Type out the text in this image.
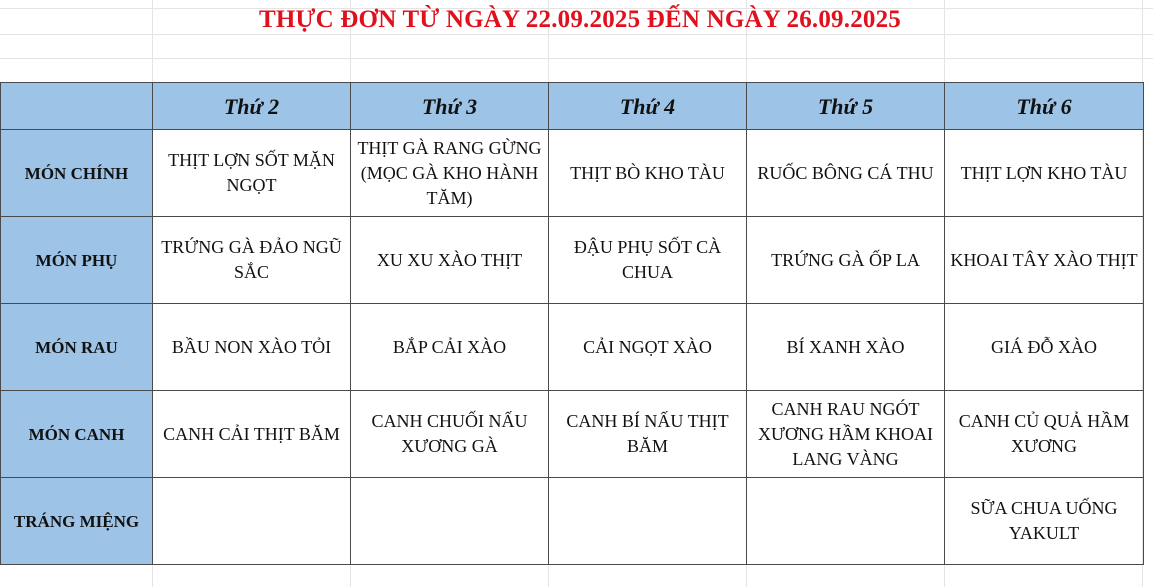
THỰC ĐƠN TỪ NGÀY 22.09.2025 ĐẾN NGÀY 26.09.2025
	Thứ 2	Thứ 3	Thứ 4	Thứ 5	Thứ 6
MÓN CHÍNH	THỊT LỢN SỐT MẶN NGỌT	THỊT GÀ RANG GỪNG (MỌC GÀ KHO HÀNH TĂM)	THỊT BÒ KHO TÀU	RUỐC BÔNG CÁ THU	THỊT LỢN KHO TÀU
MÓN PHỤ	TRỨNG GÀ ĐẢO NGŨ SẮC	XU XU XÀO THỊT	ĐẬU PHỤ SỐT CÀ CHUA	TRỨNG GÀ ỐP LA	KHOAI TÂY XÀO THỊT
MÓN RAU	BẦU NON XÀO TỎI	BẮP CẢI XÀO	CẢI NGỌT XÀO	BÍ XANH XÀO	GIÁ ĐỖ XÀO
MÓN CANH	CANH CẢI THỊT BĂM	CANH CHUỐI NẤU XƯƠNG GÀ	CANH BÍ NẤU THỊT BĂM	CANH RAU NGÓT XƯƠNG HẦM KHOAI LANG VÀNG	CANH CỦ QUẢ HẦM XƯƠNG
TRÁNG MIỆNG					SỮA CHUA UỐNG YAKULT
